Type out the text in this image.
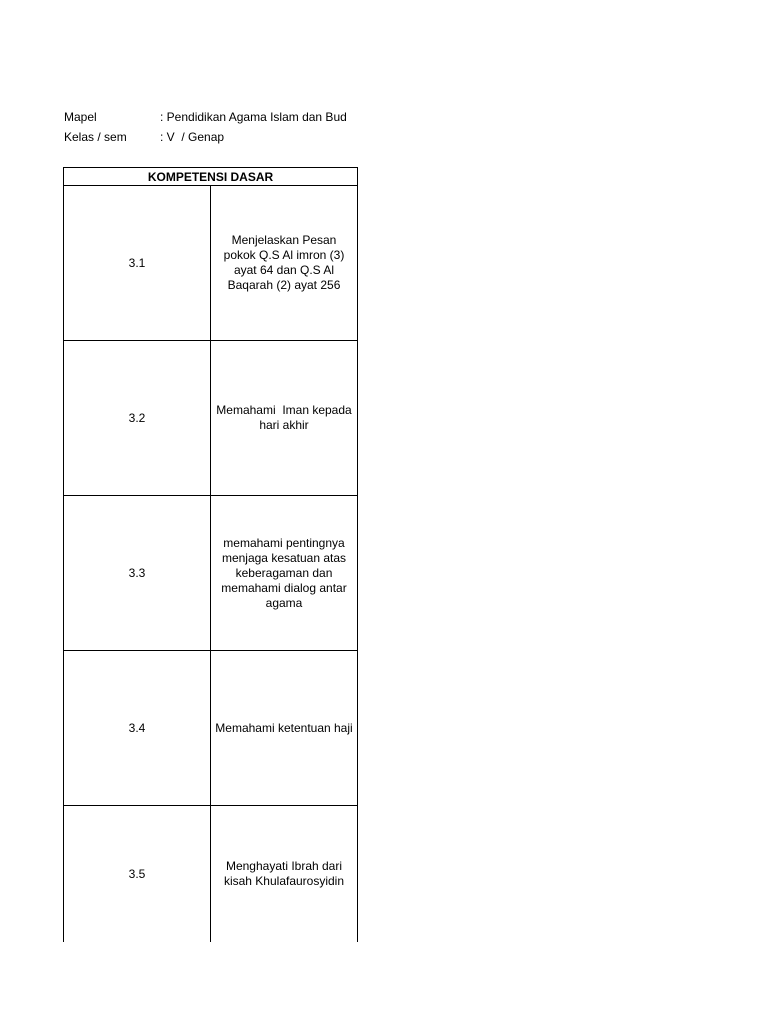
Mapel	: Pendidikan Agama Islam dan Bud
Kelas / sem	: V  / Genap
KOMPETENSI DASAR	
3.1	Menjelaskan Pesan pokok Q.S Al imron (3) ayat 64 dan Q.S Al Baqarah (2) ayat 256
3.2	Memahami  Iman kepada hari akhir
3.3	memahami pentingnya menjaga kesatuan atas keberagaman dan memahami dialog antar agama
3.4	Memahami ketentuan haji
3.5	Menghayati Ibrah dari kisah Khulafaurosyidin
